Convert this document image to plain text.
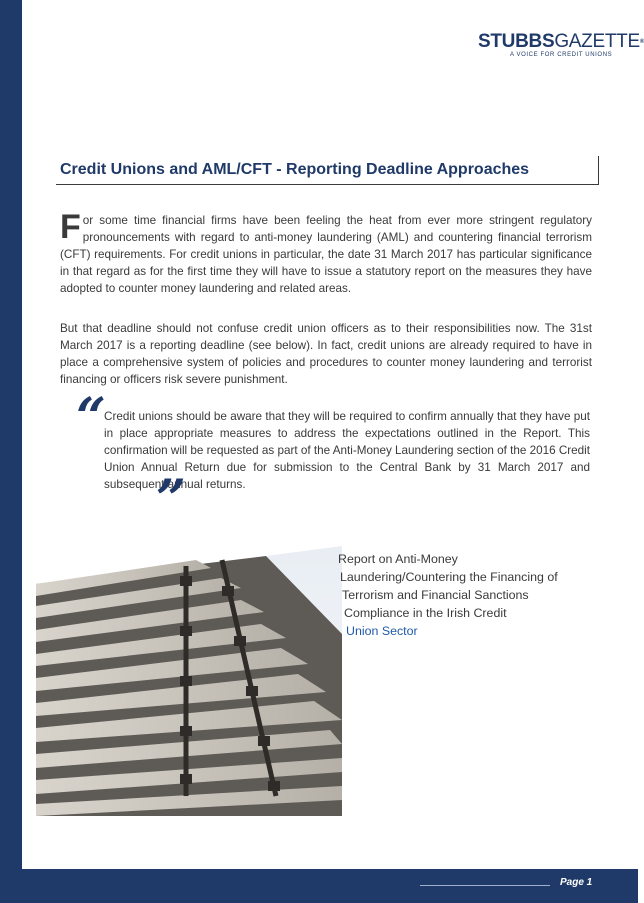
STUBBSGAZETTE®
A VOICE FOR CREDIT UNIONS
Credit Unions and AML/CFT - Reporting Deadline Approaches

For some time financial firms have been feeling the heat from ever more stringent regulatory pronouncements with regard to anti-money laundering (AML) and countering financial terrorism (CFT) requirements. For credit unions in particular, the date 31 March 2017 has particular significance in that regard as for the first time they will have to issue a statutory report on the measures they have adopted to counter money laundering and related areas.

But that deadline should not confuse credit union officers as to their responsibilities now. The 31st March 2017 is a reporting deadline (see below). In fact, credit unions are already required to have in place a comprehensive system of policies and procedures to counter money laundering and terrorist financing or officers risk severe punishment.

“

Credit unions should be aware that they will be required to confirm annually that they have put in place appropriate measures to address the expectations outlined in the Report. This confirmation will be requested as part of the Anti-Money Laundering section of the 2016 Credit Union Annual Return due for submission to the Central Bank by 31 March 2017 and subsequent annual returns.

”
Report on Anti-Money
Laundering/Countering the Financing of
Terrorism and Financial Sanctions
Compliance in the Irish Credit
Union Sector
Page 1
